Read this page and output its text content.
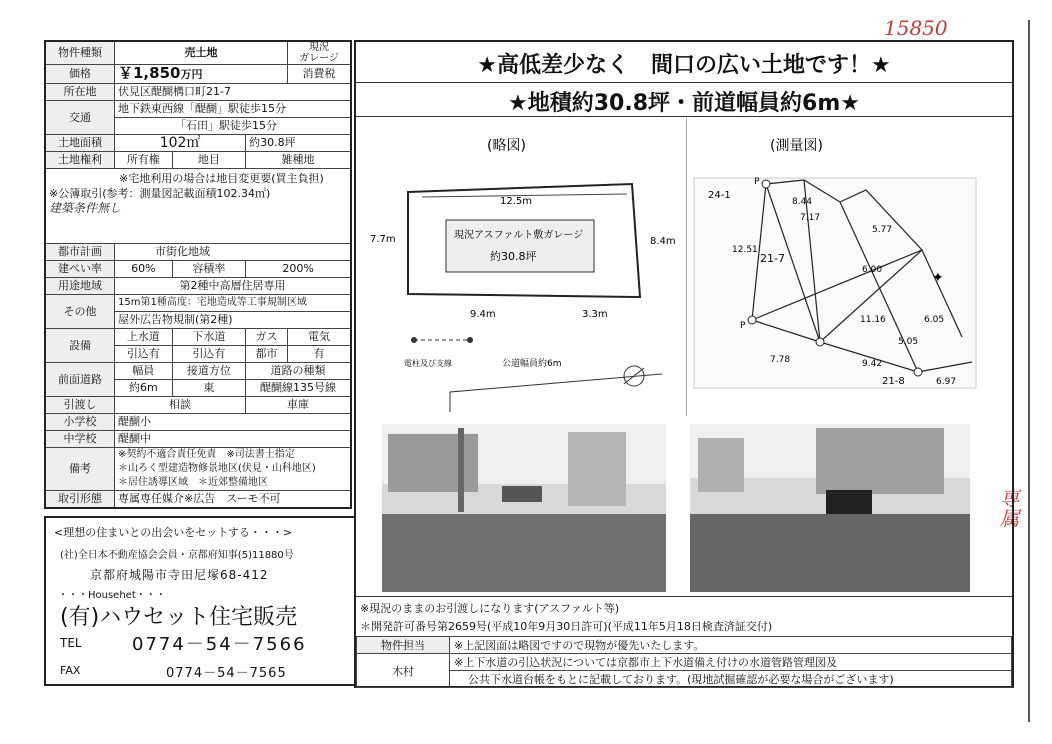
15850
専属
物件種類	売土地			現況
ガレージ
価格	￥1,850万円			消費税
所在地	伏見区醍醐構口町21-7			
交通	地下鉄東西線「醍醐」駅徒歩15分			
	「石田」駅徒歩15分			
土地面積	102㎡		約30.8坪	
土地権利	所有権	地目	雑種地	

※宅地利用の場合は地目変更要(買主負担)
※公簿取引(参考：測量図記載面積102.34㎡)
建築条件無し				

都市計画	市街化地域			
建ぺい率	60%	容積率	200%	
用途地域	第2種中高層住居専用			
その他	15m第1種高度：宅地造成等工事規制区域			
	屋外広告物規制(第2種)			
設備	上水道	下水道	ガス	電気
	引込有	引込有	都市	有
前面道路	幅員	接道方位	道路の種類	
	約6m	東	醍醐線135号線	
引渡し	相談		車庫	
小学校	醍醐小			
中学校	醍醐中			
備考	※契約不適合責任免責　※司法書士指定
＊山ろく型建造物修景地区(伏見・山科地区)
＊居住誘導区域　＊近郊整備地区			

取引形態	専属専任媒介※広告　スーモ不可			
<理想の住まいとの出会いをセットする・・・>
(社)全日本不動産協会会員・京都府知事(5)11880号
京都府城陽市寺田尼塚68-412
・・・Househet・・・
(有)ハウセット住宅販売
TEL	0774－54－7566
FAX	0774－54－7565
★高低差少なく　間口の広い土地です！★
★地積約30.8坪・前道幅員約6m★
(略図)
12.5m
7.7m	8.4m
現況アスファルト敷ガレージ
約30.8坪
9.4m	3.3m
電柱及び支線	公道幅員約6m
(測量図)
24-1
8.44
7.17
5.77
12.51
21-7
6.00
7.78	9.42
21-8	6.97
11.16	6.05
5.05
P
P
✦
※現況のままのお引渡しになります(アスファルト等)
＊開発許可番号第2659号(平成10年9月30日許可)(平成11年5月18日検査済証交付)
物件担当	※上記図面は略図ですので現物が優先いたします。
木村	※上下水道の引込状況については京都市上下水道備え付けの水道管路管理図及
	公共下水道台帳をもとに記載しております。(現地試掘確認が必要な場合がございます)
